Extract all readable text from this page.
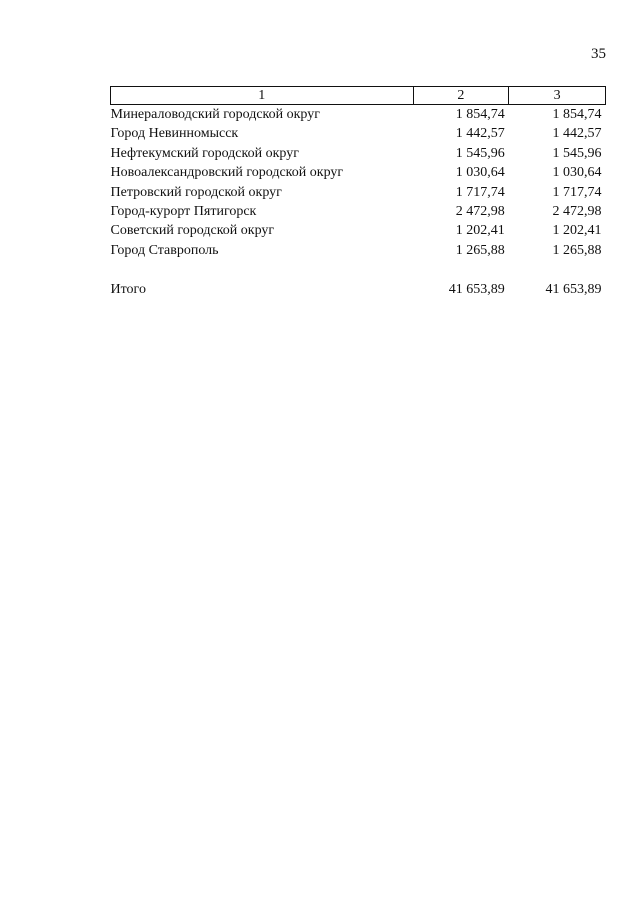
35
1	2	3
Минераловодский городской округ	1 854,74	1 854,74
Город Невинномысск	1 442,57	1 442,57
Нефтекумский городской округ	1 545,96	1 545,96
Новоалександровский городской округ	1 030,64	1 030,64
Петровский городской округ	1 717,74	1 717,74
Город-курорт Пятигорск	2 472,98	2 472,98
Советский городской округ	1 202,41	1 202,41
Город Ставрополь	1 265,88	1 265,88

Итого	41 653,89	41 653,89
